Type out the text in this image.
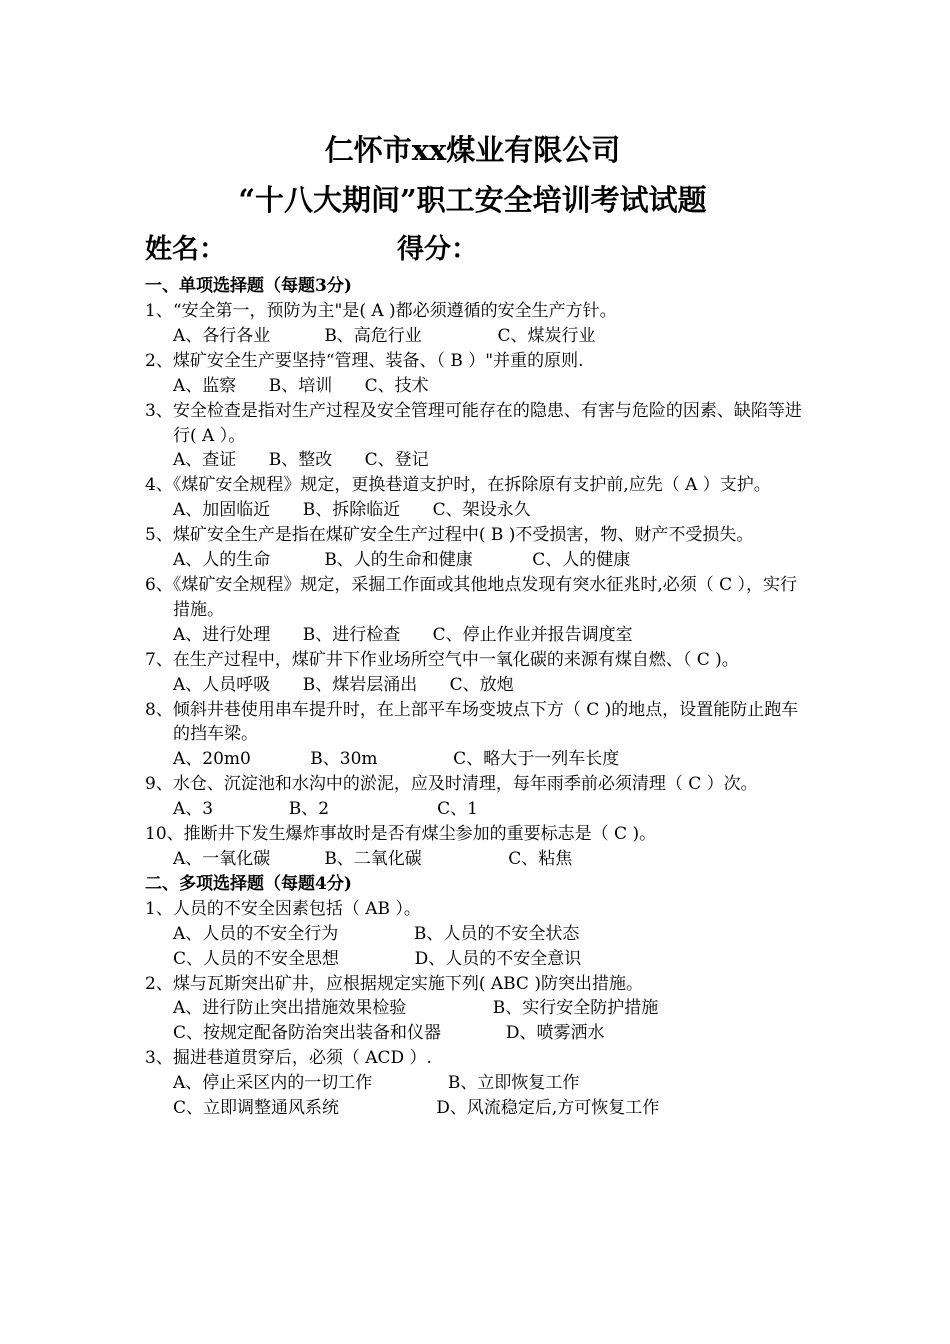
仁怀市xx煤业有限公司
“十八大期间”职工安全培训考试试题
姓名：	得分：
一、单项选择题（每题3分)
1、“安全第一，预防为主"是( A )都必须遵循的安全生产方针。
A、各行各业          B、高危行业              C、煤炭行业
2、煤矿安全生产要坚持“管理、装备、（ B ）"并重的原则.
A、监察      B、培训      C、技术
3、安全检查是指对生产过程及安全管理可能存在的隐患、有害与危险的因素、缺陷等进行( A ）。
A、查证      B、整改      C、登记
4、《煤矿安全规程》规定，更换巷道支护时，在拆除原有支护前,应先（ A ）支护。
A、加固临近      B、拆除临近      C、架设永久
5、煤矿安全生产是指在煤矿安全生产过程中( B )不受损害，物、财产不受损失。
A、人的生命          B、人的生命和健康           C、人的健康
6、《煤矿安全规程》规定，采掘工作面或其他地点发现有突水征兆时,必须（ C ），实行措施。
A、进行处理      B、进行检查      C、停止作业并报告调度室
7、在生产过程中，煤矿井下作业场所空气中一氧化碳的来源有煤自燃、（ C )。
A、人员呼吸      B、煤岩层涌出      C、放炮
8、倾斜井巷使用串车提升时，在上部平车场变坡点下方（ C )的地点，设置能防止跑车的挡车梁。
A、20m0           B、30m              C、略大于一列车长度
9、水仓、沉淀池和水沟中的淤泥，应及时清理，每年雨季前必须清理（ C ）次。
A、3              B、2                    C、1
10、推断井下发生爆炸事故时是否有煤尘参加的重要标志是（ C )。
A、一氧化碳          B、二氧化碳                C、粘焦
二、多项选择题（每题4分)
1、人员的不安全因素包括（ AB ）。
A、人员的不安全行为              B、人员的不安全状态
C、人员的不安全思想              D、人员的不安全意识
2、煤与瓦斯突出矿井，应根据规定实施下列( ABC )防突出措施。
A、进行防止突出措施效果检验                B、实行安全防护措施
C、按规定配备防治突出装备和仪器            D、喷雾洒水
3、掘进巷道贯穿后，必须（ ACD ）.
A、停止采区内的一切工作              B、立即恢复工作
C、立即调整通风系统                  D、风流稳定后,方可恢复工作
